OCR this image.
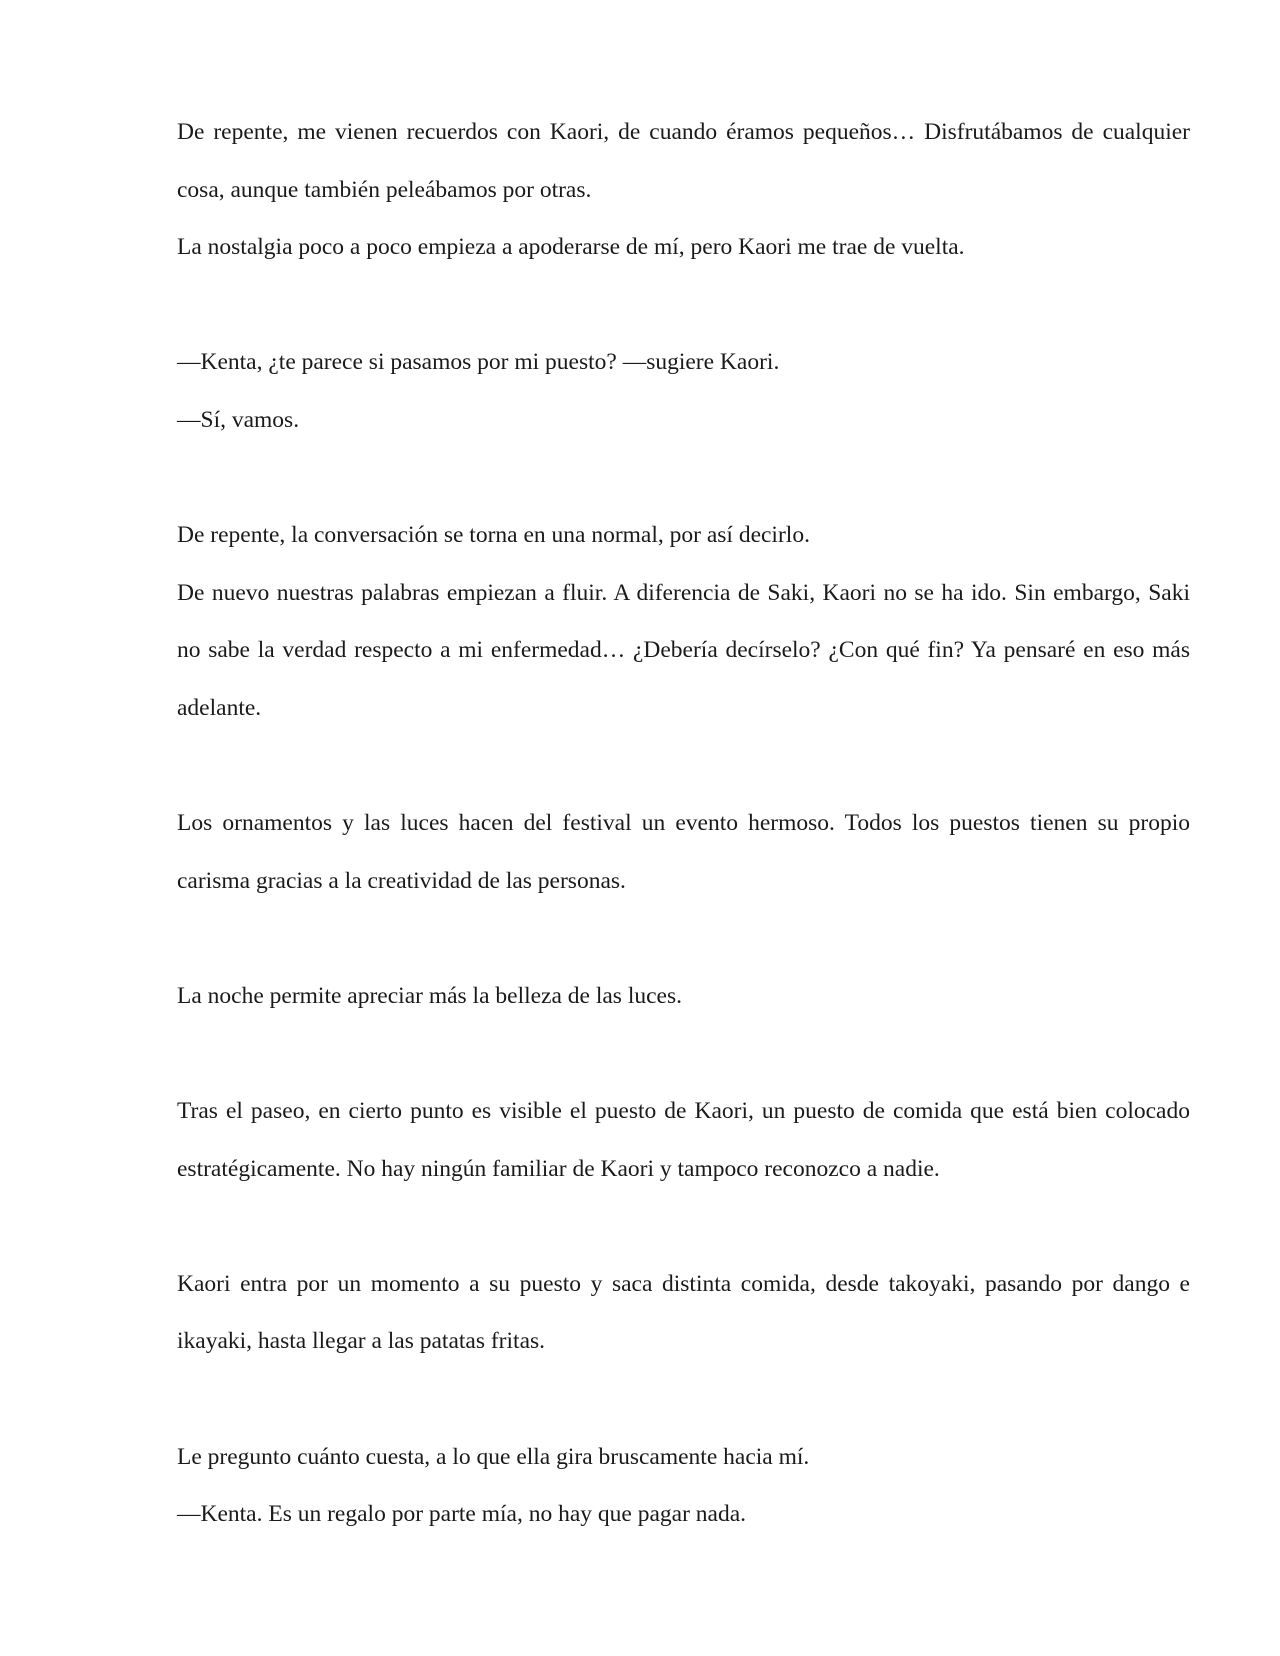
De repente, me vienen recuerdos con Kaori, de cuando éramos pequeños… Disfrutábamos de cualquier cosa, aunque también peleábamos por otras.

La nostalgia poco a poco empieza a apoderarse de mí, pero Kaori me trae de vuelta.

—Kenta, ¿te parece si pasamos por mi puesto? —sugiere Kaori.

—Sí, vamos.

De repente, la conversación se torna en una normal, por así decirlo.

De nuevo nuestras palabras empiezan a fluir. A diferencia de Saki, Kaori no se ha ido. Sin embargo, Saki no sabe la verdad respecto a mi enfermedad… ¿Debería decírselo? ¿Con qué fin? Ya pensaré en eso más adelante.

Los ornamentos y las luces hacen del festival un evento hermoso. Todos los puestos tienen su propio carisma gracias a la creatividad de las personas.

La noche permite apreciar más la belleza de las luces.

Tras el paseo, en cierto punto es visible el puesto de Kaori, un puesto de comida que está bien colocado estratégicamente. No hay ningún familiar de Kaori y tampoco reconozco a nadie.

Kaori entra por un momento a su puesto y saca distinta comida, desde takoyaki, pasando por dango e ikayaki, hasta llegar a las patatas fritas.

Le pregunto cuánto cuesta, a lo que ella gira bruscamente hacia mí.

—Kenta. Es un regalo por parte mía, no hay que pagar nada.
